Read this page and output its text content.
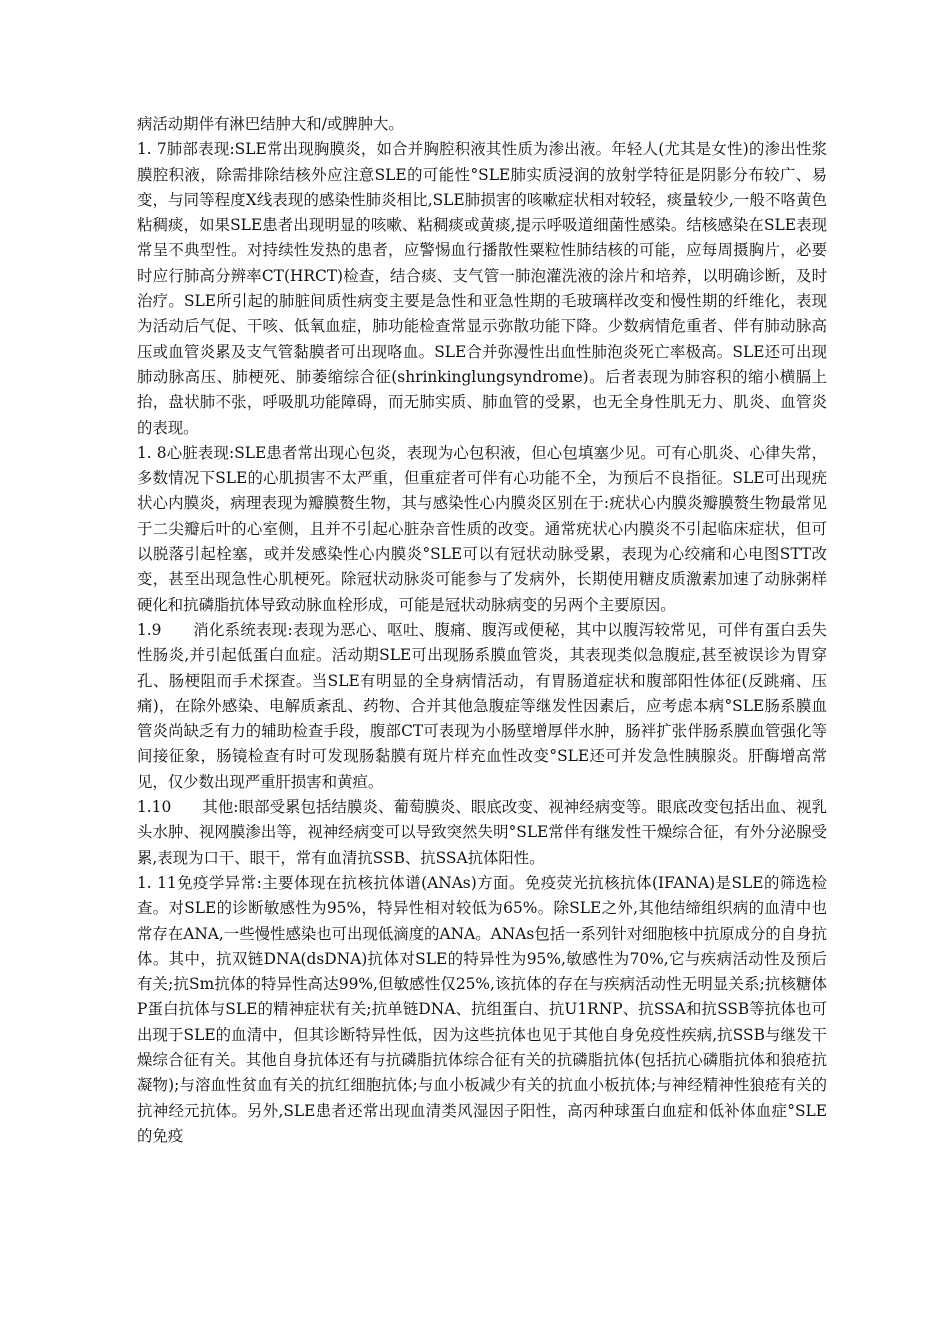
病活动期伴有淋巴结肿大和/或脾肿大。

1. 7肺部表现:SLE常出现胸膜炎，如合并胸腔积液其性质为渗出液。年轻人(尤其是女性)的渗出性浆膜腔积液，除需排除结核外应注意SLE的可能性°SLE肺实质浸润的放射学特征是阴影分布较广、易变，与同等程度X线表现的感染性肺炎相比,SLE肺损害的咳嗽症状相对较轻，痰量较少,一般不咯黄色粘稠痰，如果SLE患者出现明显的咳嗽、粘稠痰或黄痰,提示呼吸道细菌性感染。结核感染在SLE表现常呈不典型性。对持续性发热的患者，应警惕血行播散性粟粒性肺结核的可能，应每周摄胸片，必要时应行肺高分辨率CT(HRCT)检查，结合痰、支气管一肺泡灌洗液的涂片和培养，以明确诊断，及时治疗。SLE所引起的肺脏间质性病变主要是急性和亚急性期的毛玻璃样改变和慢性期的纤维化，表现为活动后气促、干咳、低氧血症，肺功能检查常显示弥散功能下降。少数病情危重者、伴有肺动脉高压或血管炎累及支气管黏膜者可出现咯血。SLE合并弥漫性出血性肺泡炎死亡率极高。SLE还可出现肺动脉高压、肺梗死、肺萎缩综合征(shrinkinglungsyndrome)。后者表现为肺容积的缩小横膈上抬，盘状肺不张，呼吸肌功能障碍，而无肺实质、肺血管的受累，也无全身性肌无力、肌炎、血管炎的表现。

1. 8心脏表现:SLE患者常出现心包炎，表现为心包积液，但心包填塞少见。可有心肌炎、心律失常，多数情况下SLE的心肌损害不太严重，但重症者可伴有心功能不全，为预后不良指征。SLE可出现疣状心内膜炎，病理表现为瓣膜赘生物，其与感染性心内膜炎区别在于:疣状心内膜炎瓣膜赘生物最常见于二尖瓣后叶的心室侧，且并不引起心脏杂音性质的改变。通常疣状心内膜炎不引起临床症状，但可以脱落引起栓塞，或并发感染性心内膜炎°SLE可以有冠状动脉受累，表现为心绞痛和心电图STT改变，甚至出现急性心肌梗死。除冠状动脉炎可能参与了发病外，长期使用糖皮质激素加速了动脉粥样硬化和抗磷脂抗体导致动脉血栓形成，可能是冠状动脉病变的另两个主要原因。

1.9　　消化系统表现:表现为恶心、呕吐、腹痛、腹泻或便秘，其中以腹泻较常见，可伴有蛋白丢失性肠炎,并引起低蛋白血症。活动期SLE可出现肠系膜血管炎，其表现类似急腹症,甚至被误诊为胃穿孔、肠梗阻而手术探查。当SLE有明显的全身病情活动，有胃肠道症状和腹部阳性体征(反跳痛、压痛)，在除外感染、电解质紊乱、药物、合并其他急腹症等继发性因素后，应考虑本病°SLE肠系膜血管炎尚缺乏有力的辅助检查手段，腹部CT可表现为小肠壁增厚伴水肿，肠袢扩张伴肠系膜血管强化等间接征象，肠镜检查有时可发现肠黏膜有斑片样充血性改变°SLE还可并发急性胰腺炎。肝酶增高常见，仅少数出现严重肝损害和黄疸。

1.10　　其他:眼部受累包括结膜炎、葡萄膜炎、眼底改变、视神经病变等。眼底改变包括出血、视乳头水肿、视网膜渗出等，视神经病变可以导致突然失明°SLE常伴有继发性干燥综合征，有外分泌腺受累,表现为口干、眼干，常有血清抗SSB、抗SSA抗体阳性。

1. 11免疫学异常:主要体现在抗核抗体谱(ANAs)方面。免疫荧光抗核抗体(IFANA)是SLE的筛选检查。对SLE的诊断敏感性为95%，特异性相对较低为65%。除SLE之外,其他结缔组织病的血清中也常存在ANA,一些慢性感染也可出现低滴度的ANA。ANAs包括一系列针对细胞核中抗原成分的自身抗体。其中，抗双链DNA(dsDNA)抗体对SLE的特异性为95%,敏感性为70%,它与疾病活动性及预后有关;抗Sm抗体的特异性高达99%,但敏感性仅25%,该抗体的存在与疾病活动性无明显关系;抗核糖体P蛋白抗体与SLE的精神症状有关;抗单链DNA、抗组蛋白、抗U1RNP、抗SSA和抗SSB等抗体也可出现于SLE的血清中，但其诊断特异性低，因为这些抗体也见于其他自身免疫性疾病,抗SSB与继发干燥综合征有关。其他自身抗体还有与抗磷脂抗体综合征有关的抗磷脂抗体(包括抗心磷脂抗体和狼疮抗凝物);与溶血性贫血有关的抗红细胞抗体;与血小板减少有关的抗血小板抗体;与神经精神性狼疮有关的抗神经元抗体。另外,SLE患者还常出现血清类风湿因子阳性，高丙种球蛋白血症和低补体血症°SLE的免疫
